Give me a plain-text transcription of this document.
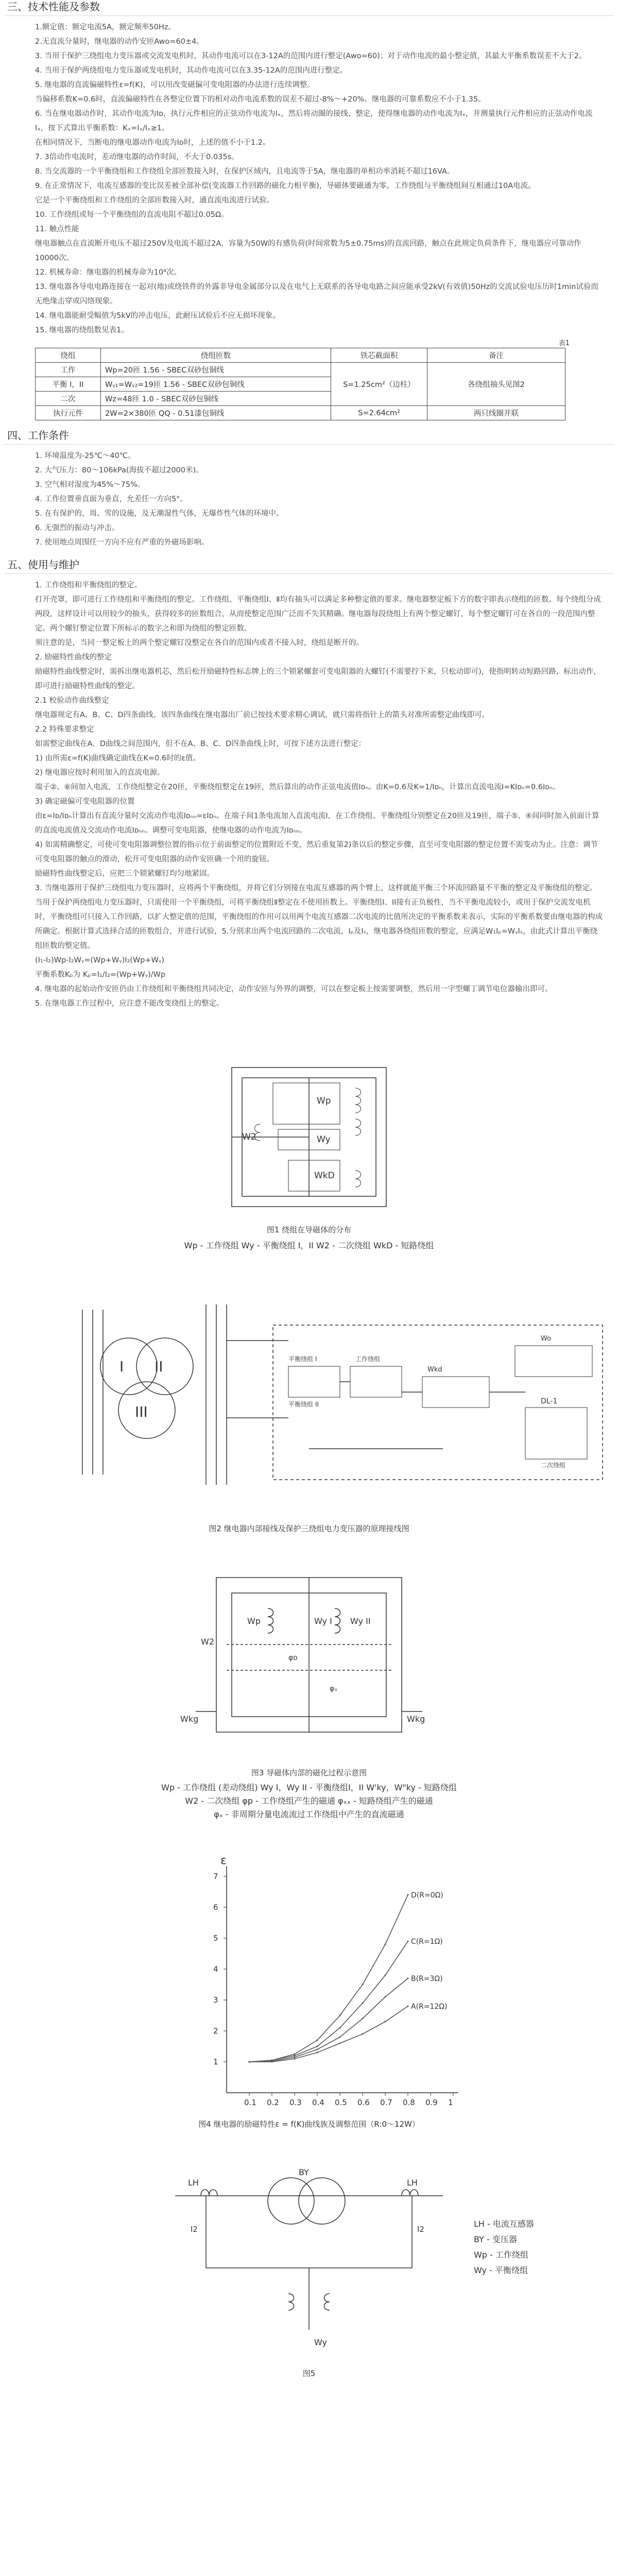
三、技术性能及参数

1.额定值：额定电流5A，额定频率50Hz。

2.无直流分量时，继电器的动作安匝Awo=60±4。

3. 当用于保护三绕组电力变压器或交流发电机时，其动作电流可以在3-12A的范围内进行整定(Awo=60)；对于动作电流的最小整定值，其最大平衡系数误差不大于2。

4. 当用于保护两绕组电力变压器或发电机时，其动作电流可以在3.35-12A的范围内进行整定。

5. 继电器的直流偏磁特性ε=f(K)，可以用改变磁偏可变电阻器的办法进行连续调整。

当偏移系数K=0.6时，直流偏磁特性在各整定位置下的相对动作电流系数的误差不超过-8%～+20%。继电器的可靠系数应不小于1.35。

6. 当在继电器动作时，其动作电流为Iᴅ，执行元件相应的正弦动作电流为Iₓ，然后将动圈的接线、整定，使得继电器的动作电流为Iₓ，并测量执行元件相应的正弦动作电流Iₓ，按下式算出平衡系数：Kₓ=Iₓ/Iₓ≥1。

在相同情况下，当断电的继电器动作电流为Iᴅ时，上述的值不小于1.2。

7. 3倍动作电流时，差动继电器的动作时间，不大于0.035s。

8. 当交流器的一个平衡绕组和工作绕组全部匝数接入时，在保护区域内，且电流等于5A，继电器的单相功率消耗不超过16VA。

9. 在正常情况下，电流互感器的变比误差被全部补偿(变流器工作回路的磁化力相平衡)，导磁体要磁通为零。工作绕组与平衡绕组间互相通过10A电流。

它是一个平衡绕组和工作绕组的全部匝数接入时，通直流电流进行试验。

10. 工作绕组或每一个平衡绕组的直流电阻不超过0.05Ω。

11. 触点性能

继电器触点在直流断开电压不超过250V及电流不超过2A，容量为50W的有感负荷(时间常数为5±0.75ms)的直流回路，触点在此规定负荷条件下，继电器应可靠动作10000次。

12. 机械寿命：继电器的机械寿命为10⁴次。

13. 继电器各导电电路连接在一起对(地)或绕铁件的外露非导电金属部分以及在电气上无联系的各导电电路之间应能承受2kV(有效值)50Hz的交流试验电压历时1min试验而无绝缘击穿或闪络现象。

14. 继电器能耐受幅值为5kV的冲击电压，此耐压试验后不应无损坏现象。

15. 继电器的绕组数见表1。

表1
绕组	绕组匝数	铁芯截面积	备注
工作	Wp=20匝 1.56 - SBEC双砂包铜线	S=1.25cm²（边柱）	各绕组抽头见图2
平衡 I，II	Wᵧ₁=Wᵧ₂=19匝 1.56 - SBEC双砂包铜线		
二次	Wz=48匝 1.0 - SBEC双砂包铜线		
执行元件	2W=2×380匝 QQ - 0.51漆包铜线	S=2.64cm²	两只线圈并联
四、工作条件

1. 环境温度为-25℃～40℃。

2. 大气压力：80～106kPa(海拔不超过2000米)。

3. 空气相对湿度为45%～75%。

4. 工作位置垂直面为垂直，允差任一方向5°。

5. 在有保护的，周、雪的设施，及无潮湿性气体，无爆炸性气体的环境中。

6. 无强烈的振动与冲击。

7. 使用地点周围任一方向不应有严重的外磁场影响。

五、使用与维护

1. 工作绕组和平衡绕组的整定。

打开壳罩，即可进行工作绕组和平衡绕组的整定。工作绕组、平衡绕组Ⅰ、Ⅱ均有抽头可以满足多种整定值的要求。继电器整定板下方的数字即表示绕组的匝数。每个绕组分成两段，这样设计可以用较少的抽头，获得较多的匝数组合，从而使整定范围广泛而不失其精确。继电器每段绕组上有两个整定螺钉，每个整定螺钉可在各自的一段范围内整定。两个螺钉整定位置下所标示的数字之和即为绕组的整定匝数。

须注意的是，当同一整定板上的两个整定螺钉没整定在各自的范围内或者不接入时，绕组是断开的。

2. 励磁特性曲线的整定

励磁特性曲线整定时，需拆出继电器机芯，然后松开励磁特性标志牌上的三个锁紧螺套可变电阻器的大螺钉(不需要拧下来，只松动即可)，使指明转动短路回路，标出动作，即可进行励磁特性曲线的整定。

2.1 校验动作曲线整定

继电器规定有A、B、C、D四条曲线。该四条曲线在继电器出厂前已按技术要求精心调试，就只需将指针上的箭头对准所需整定曲线即可。

2.2 特殊要求整定

如需整定曲线在A、D曲线之间范围内，但不在A、B、C、D四条曲线上时，可按下述方法进行整定：

1) 由所需ε=f(K)曲线确定曲线在K=0.6时的ε值。

2) 继电器应按时利用加入的直流电源。

端子②、⑥间加入电流，工作绕组整定在20匝，平衡绕组整定在19匝，然后算出的动作正弦电流值Iᴅₙ。由K=0.6及K=1/Iᴅₙ，计算出直流电流I=KIᴅₙ=0.6Iᴅₙ。

3) 确定磁偏可变电阻器的位置

由ε=Iᴅ/Iᴅₙ计算出有直流分量时交流动作电流Iᴅₙₙ=εIᴅₙ。在端子间1条电流加入直流电流I，在工作绕组、平衡绕组分别整定在20匝及19匝，端子⑤、④间同时加入前面计算的直流电流值及交流动作电流Iᴅₙₙ。调整可变电阻器，使继电器的动作电流为Iᴅₙₙ。

4) 如需精确整定，可使可变电阻器调整位置的指示位于前面整定的位置附近不变，然后重复第2)条以后的整定步骤，直至可变电阻器的整定位置不需变动为止。注意：调节可变电阻器的触点的滑动，松开可变电阻器的动作安匝确一个用的旋钮。

励磁特性曲线整定后，应把三个锁紧螺钉均匀地紧固。

3. 当继电器用于保护三绕组电力变压器时，应将两个平衡绕组，并将它们分别接在电流互感器的两个臂上，这样就能平衡三个环流回路量不平衡的整定及平衡绕组的整定。当用于保护两绕组电力变压器时，只需使用一个平衡绕组，可将平衡绕组Ⅱ整定在不使用匝数上。平衡绕组I、II接有正负极性，当不平衡电流较小，或用于保护交流发电机时，平衡绕组可只接入工作回路，以扩大整定值的范围，平衡绕组的作用可以用两个电流互感器二次电流的比值所决定的平衡系数来表示，实际的平衡系数要由继电器的构成所确定。根据计算式选择合适的匝数组合，并进行试验，5.分别求出两个电流回路的二次电流，Iₚ及Iₛ，继电器各绕组匝数的整定，应满足W₁Iₚ=WᵧIₛ，由此式计算出平衡绕组匝数的整定值。

(I₁-I₂)Wp-I₂Wᵧ=(Wp+Wᵧ)I₂(Wp+Wᵧ)

平衡系数Kₚ为 Kₚ=I₁/I₂=(Wp+Wᵧ)/Wp

4. 继电器的起始动作安匝仍由工作绕组和平衡绕组共同决定，动作安匝与外界的调整，可以在整定板上按需要调整，然后用一字型螺丁调节电位器输出即可。

5. 在继电器工作过程中，应注意不能改变绕组上的整定。

Wp
W2	Wy
WkD
图1 绕组在导磁体的分布
Wp - 工作绕组 Wy - 平衡绕组 I，II W2 - 二次绕组 WkD - 短路绕组
I II
III
平衡绕组 I
平衡绕组 II
工作绕组
二次绕组
DL-1
Wkd
Wo
图2 继电器内部接线及保护三绕组电力变压器的原理接线图
Wp
W2
Wy I Wy II
Wkg	Wkg
φᴅ
φₓ
图3 导磁体内部的磁化过程示意图
Wp - 工作绕组 (差动绕组) Wy I，Wy II - 平衡绕组I，II W'ky，W"ky - 短路绕组
W2 - 二次绕组 φp - 工作绕组产生的磁通 φₓₓ - 短路绕组产生的磁通
φₓ - 非周期分量电流流过工作绕组中产生的直流磁通
ε
0.1 0.2 0.3 0.4 0.5 0.6 0.7 0.8 0.9 1
1
2
3
4
5
6
7
D(R=0Ω)
C(R=1Ω)
B(R=3Ω)
A(R=12Ω)
图4 继电器的励磁特性ε = f(K)曲线族及调整范围（R:0～12W）
LH	LH
BY
I2	I2
Wy
LH - 电流互感器
BY - 变压器
Wp - 工作绕组
Wy - 平衡绕组
图5
